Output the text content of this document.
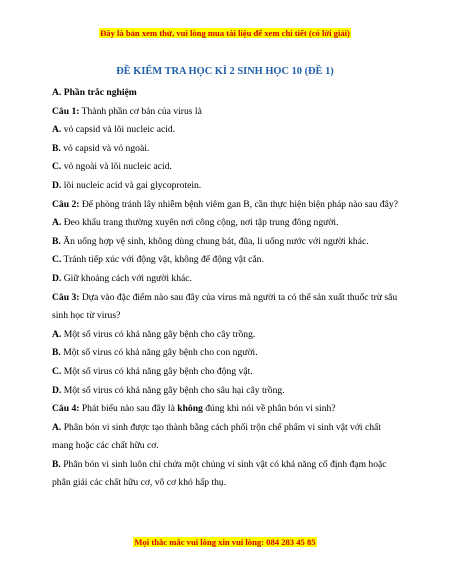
Đây là bản xem thử, vui lòng mua tài liệu để xem chi tiết (có lời giải)
ĐỀ KIỂM TRA HỌC KÌ 2 SINH HỌC 10 (ĐỀ 1)

A. Phần trắc nghiệm

Câu 1: Thành phần cơ bản của virus là

A. vỏ capsid và lõi nucleic acid.

B. vỏ capsid và vỏ ngoài.

C. vỏ ngoài và lõi nucleic acid.

D. lõi nucleic acid và gai glycoprotein.

Câu 2: Để phòng tránh lây nhiễm bệnh viêm gan B, cần thực hiện biện pháp nào sau đây?

A. Đeo khẩu trang thường xuyên nơi công cộng, nơi tập trung đông người.

B. Ăn uống hợp vệ sinh, không dùng chung bát, đũa, li uống nước với người khác.

C. Tránh tiếp xúc với động vật, không để động vật cắn.

D. Giữ khoảng cách với người khác.

Câu 3: Dựa vào đặc điểm nào sau đây của virus mà người ta có thể sản xuất thuốc trừ sâu sinh học từ virus?

A. Một số virus có khả năng gây bệnh cho cây trồng.

B. Một số virus có khả năng gây bệnh cho con người.

C. Một số virus có khả năng gây bệnh cho động vật.

D. Một số virus có khả năng gây bệnh cho sâu hại cây trồng.

Câu 4: Phát biểu nào sau đây là không đúng khi nói về phân bón vi sinh?

A. Phân bón vi sinh được tạo thành bằng cách phối trộn chế phẩm vi sinh vật với chất mang hoặc các chất hữu cơ.

B. Phân bón vi sinh luôn chỉ chứa một chủng vi sinh vật có khả năng cố định đạm hoặc phân giải các chất hữu cơ, vô cơ khó hấp thụ.

Mọi thắc mắc vui lòng xin vui lòng: 084 283 45 85
